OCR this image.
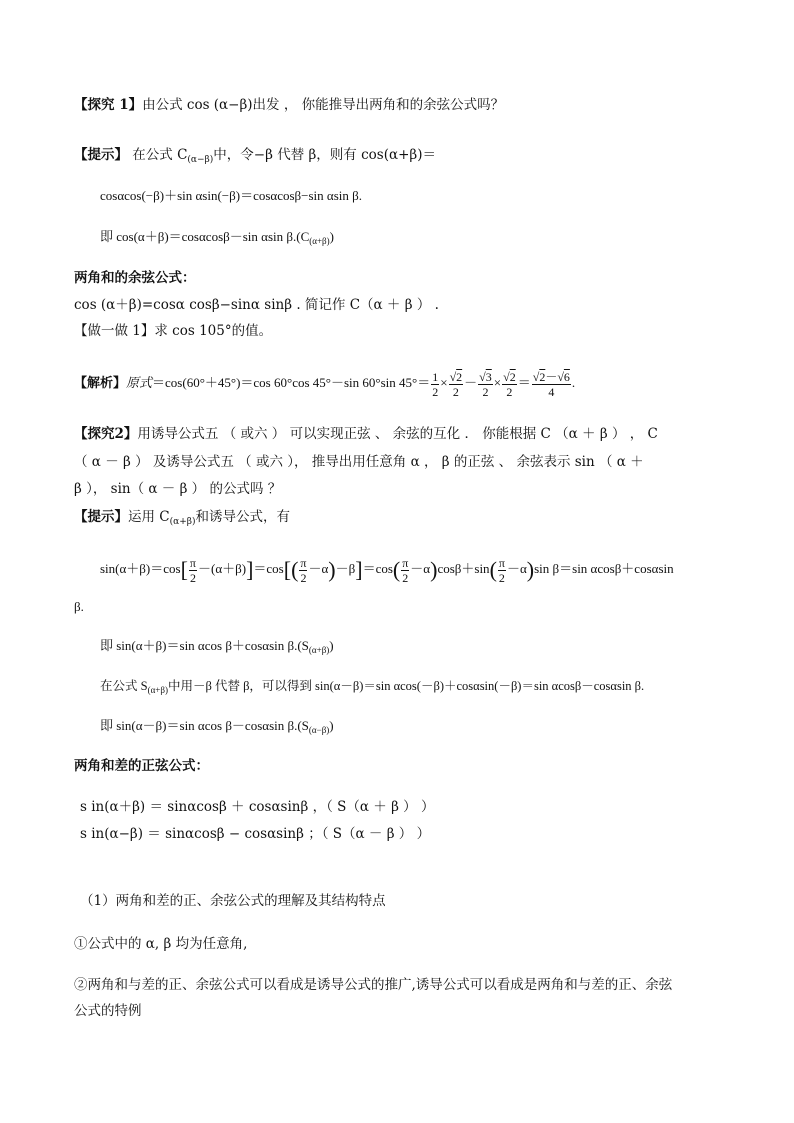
【探究 1】由公式 cos (α−β)出发 ， 你能推导出两角和的余弦公式吗？
【提示】 在公式 $C_{(\alpha-\beta)}$中，令−β 代替 β，则有 cos(α+β)＝
cosαcos(−β)＋sin αsin(−β)＝cosαcosβ−sin αsin β.
即 cos(α＋β)＝cosαcosβ－sin αsin $\beta.(C_{(\alpha+\beta)})$
两角和的余弦公式：
cos (α＋β)=cosα cosβ−sinα sinβ . 简记作 C（α ＋ β ） .
【做一做 1】求 cos 105°的值。
【解析】原式＝cos(60°＋45°)＝cos 60°cos 45°－sin 60°sin $45^\circ= \frac{1}{2} \times \frac{√2}{2} - \frac{√3}{2} \times \frac{√2}{2} = \frac{√2-√6}{4}$ .
【探究2】用诱导公式五 （ 或六 ） 可以实现正弦 、 余弦的互化 ． 你能根据 C （α ＋ β ） ， C
（ α － β ） 及诱导公式五 （ 或六 ）， 推导出用任意角 α ， β 的正弦 、 余弦表示 sin （ α ＋
β ）， sin（ α － β ） 的公式吗 ？
【提示】运用 $C_{(\alpha+\beta)}$和诱导公式，有
$\sin(\alpha+\beta)=\cos[ \frac{\pi}{2} -(\alpha+\beta)]=\cos[( \frac{\pi}{2} -\alpha)-\beta]=\cos( \frac{\pi}{2} -\alpha)\cos\beta+\sin( \frac{\pi}{2} -\alpha)\sin$ β＝sin αcosβ＋cosαsin
β.
即 sin(α＋β)＝sin αcos β＋cosαsin $\beta.(S_{(\alpha+\beta)})$
在公式 $S_{(\alpha+\beta)}$中用－β 代替 β，可以得到 sin(α－β)＝sin αcos(－β)＋cosαsin(－β)＝sin αcosβ－cosαsin β.
即 sin(α－β)＝sin αcos β－cosαsin $\beta.(S_{(\alpha-\beta)})$
两角和差的正弦公式：
s in(α＋β) ＝ sinαcosβ ＋ cosαsinβ ，（ S（α ＋ β ） ）
s in(α−β) ＝ sinαcosβ − cosαsinβ ；（ S（α － β ） ）
（1）两角和差的正、余弦公式的理解及其结构特点
①公式中的 α, β 均为任意角,
②两角和与差的正、余弦公式可以看成是诱导公式的推广,诱导公式可以看成是两角和与差的正、余弦
公式的特例
